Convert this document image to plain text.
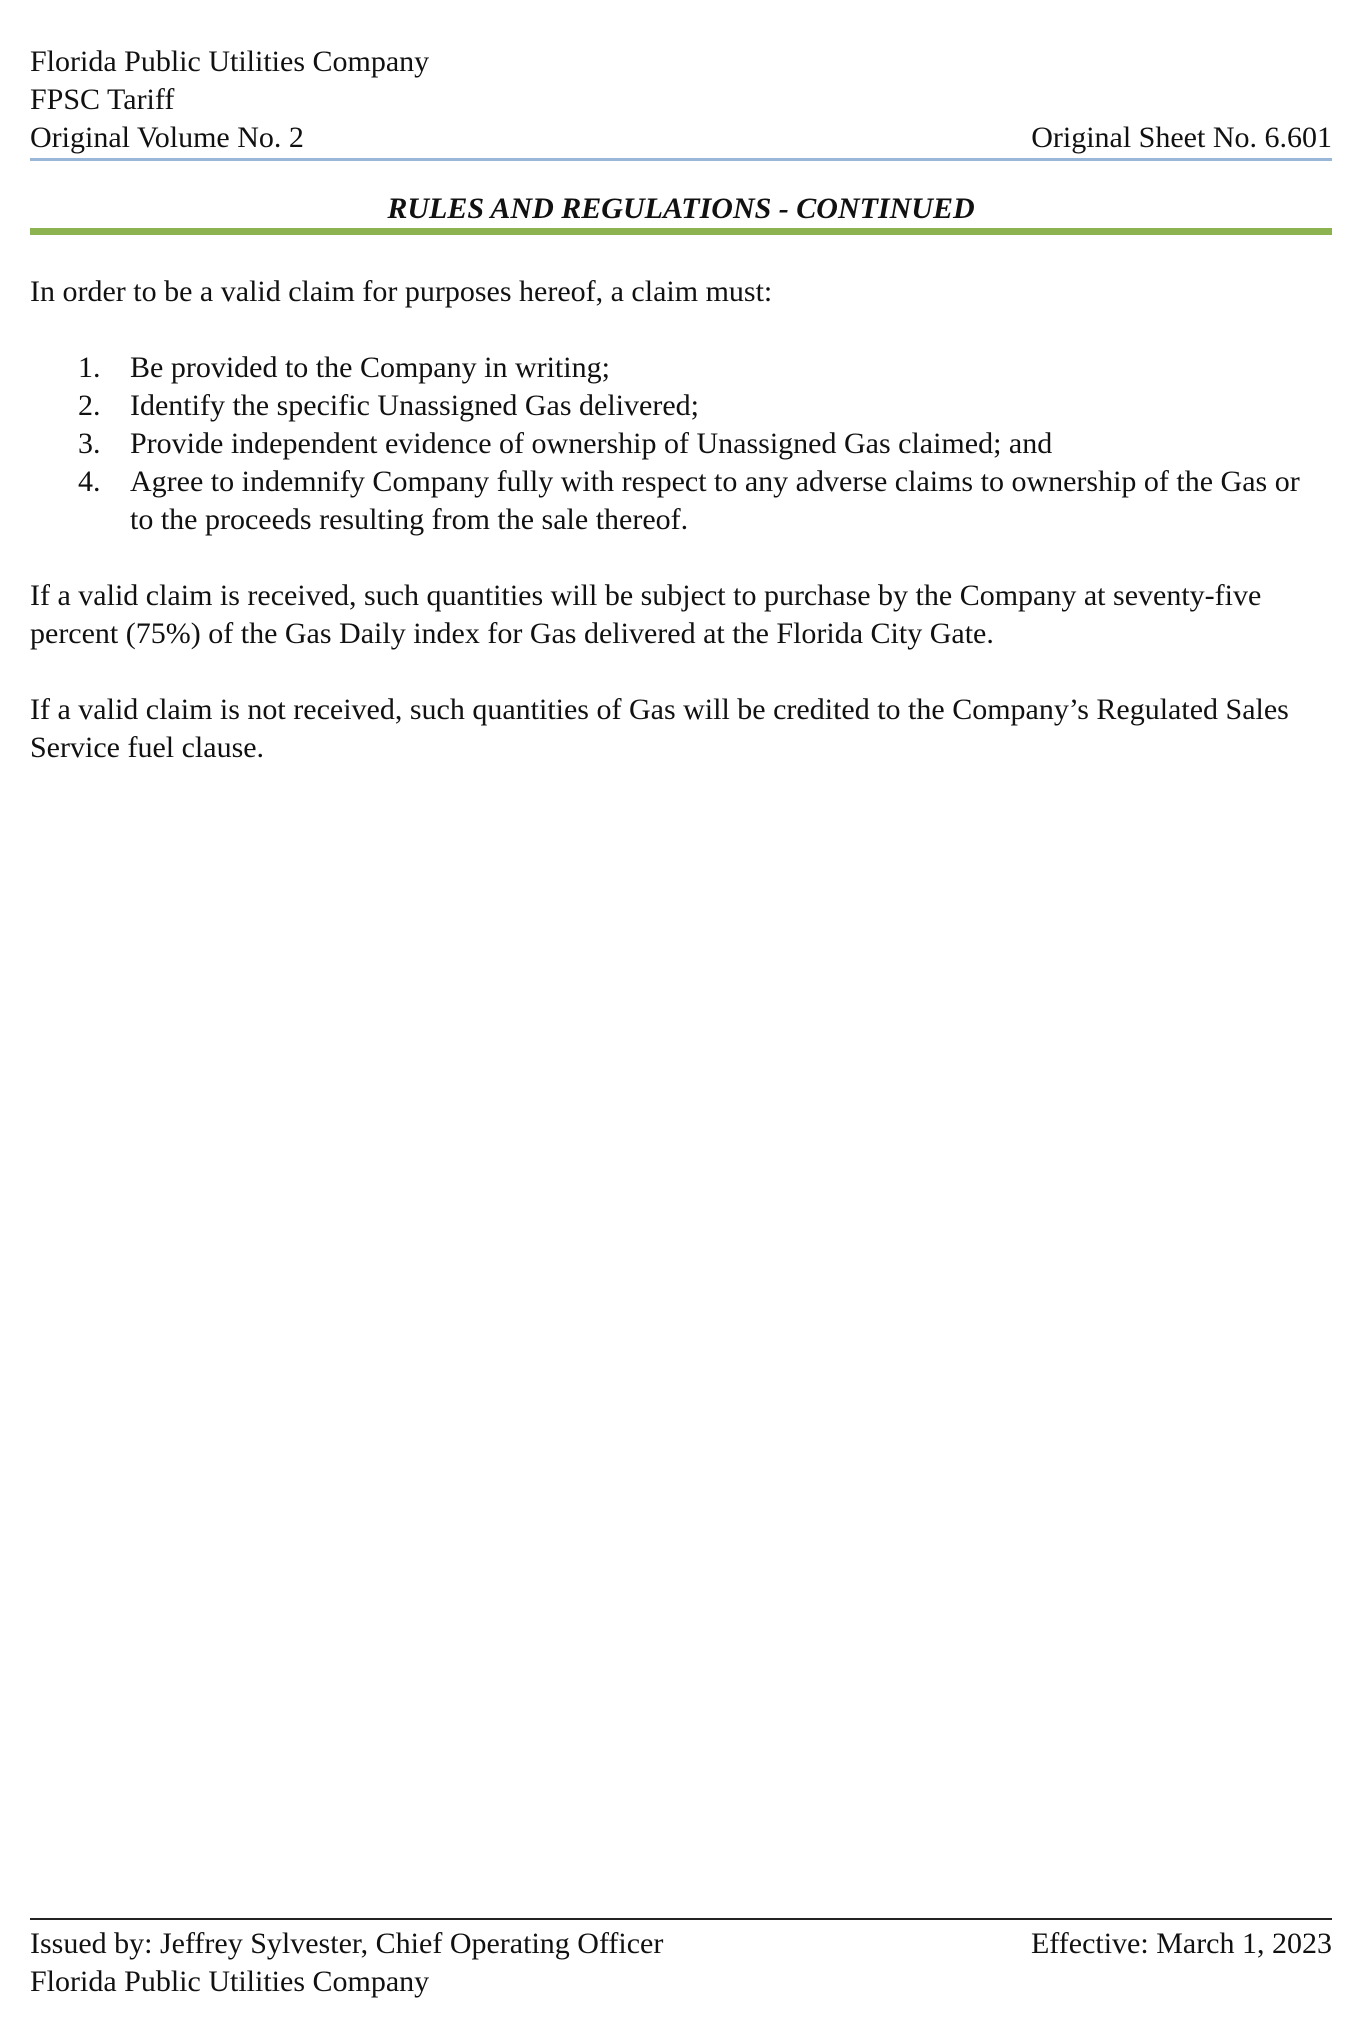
Florida Public Utilities Company
FPSC Tariff
Original Volume No. 2	Original Sheet No. 6.601
RULES AND REGULATIONS - CONTINUED

In order to be a valid claim for purposes hereof, a claim must:

1. Be provided to the Company in writing;
2. Identify the specific Unassigned Gas delivered;
3. Provide independent evidence of ownership of Unassigned Gas claimed; and
4. Agree to indemnify Company fully with respect to any adverse claims to ownership of the Gas or to the proceeds resulting from the sale thereof.

If a valid claim is received, such quantities will be subject to purchase by the Company at seventy-five percent (75%) of the Gas Daily index for Gas delivered at the Florida City Gate.

If a valid claim is not received, such quantities of Gas will be credited to the Company’s Regulated Sales Service fuel clause.

Issued by: Jeffrey Sylvester, Chief Operating Officer	Effective: March 1, 2023
Florida Public Utilities Company
